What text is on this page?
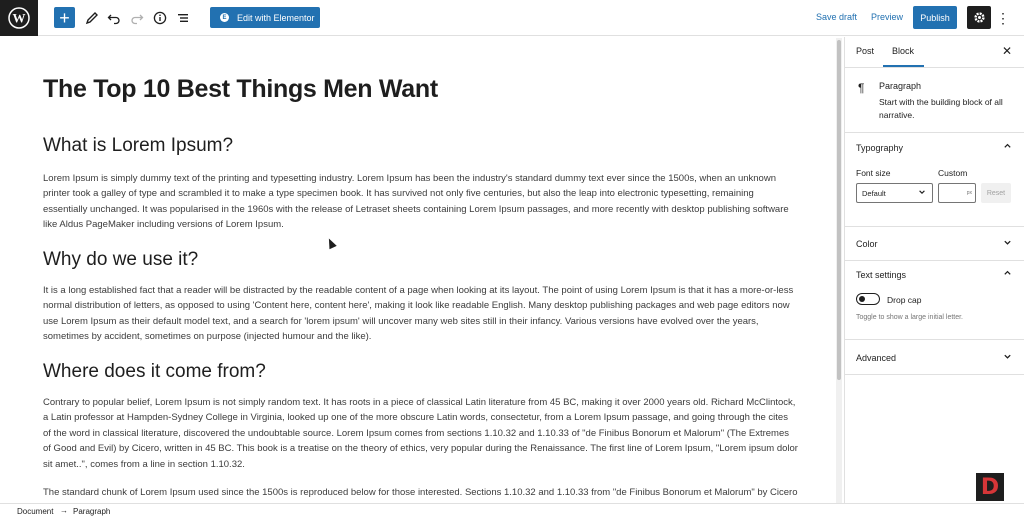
W +	E Edit with Elementor	Save draft Preview	Publish	⋮
The Top 10 Best Things Men Want
What is Lorem Ipsum?

Lorem Ipsum is simply dummy text of the printing and typesetting industry. Lorem Ipsum has been the industry's standard dummy text ever since the 1500s, when an unknown printer took a galley of type and scrambled it to make a type specimen book. It has survived not only five centuries, but also the leap into electronic typesetting, remaining essentially unchanged. It was popularised in the 1960s with the release of Letraset sheets containing Lorem Ipsum passages, and more recently with desktop publishing software like Aldus PageMaker including versions of Lorem Ipsum.

Why do we use it?

It is a long established fact that a reader will be distracted by the readable content of a page when looking at its layout. The point of using Lorem Ipsum is that it has a more-or-less normal distribution of letters, as opposed to using 'Content here, content here', making it look like readable English. Many desktop publishing packages and web page editors now use Lorem Ipsum as their default model text, and a search for 'lorem ipsum' will uncover many web sites still in their infancy. Various versions have evolved over the years, sometimes by accident, sometimes on purpose (injected humour and the like).

Where does it come from?

Contrary to popular belief, Lorem Ipsum is not simply random text. It has roots in a piece of classical Latin literature from 45 BC, making it over 2000 years old. Richard McClintock, a Latin professor at Hampden-Sydney College in Virginia, looked up one of the more obscure Latin words, consectetur, from a Lorem Ipsum passage, and going through the cites of the word in classical literature, discovered the undoubtable source. Lorem Ipsum comes from sections 1.10.32 and 1.10.33 of "de Finibus Bonorum et Malorum" (The Extremes of Good and Evil) by Cicero, written in 45 BC. This book is a treatise on the theory of ethics, very popular during the Renaissance. The first line of Lorem Ipsum, "Lorem ipsum dolor sit amet..", comes from a line in section 1.10.32.

The standard chunk of Lorem Ipsum used since the 1500s is reproduced below for those interested. Sections 1.10.32 and 1.10.33 from "de Finibus Bonorum et Malorum" by Cicero

Post Block	✕
¶ Paragraph
Start with the building block of all narrative.
Typography
Font size	Custom
Default	px	Reset
Color
Text settings
Drop cap
Toggle to show a large initial letter.
Advanced
D
Document → Paragraph
